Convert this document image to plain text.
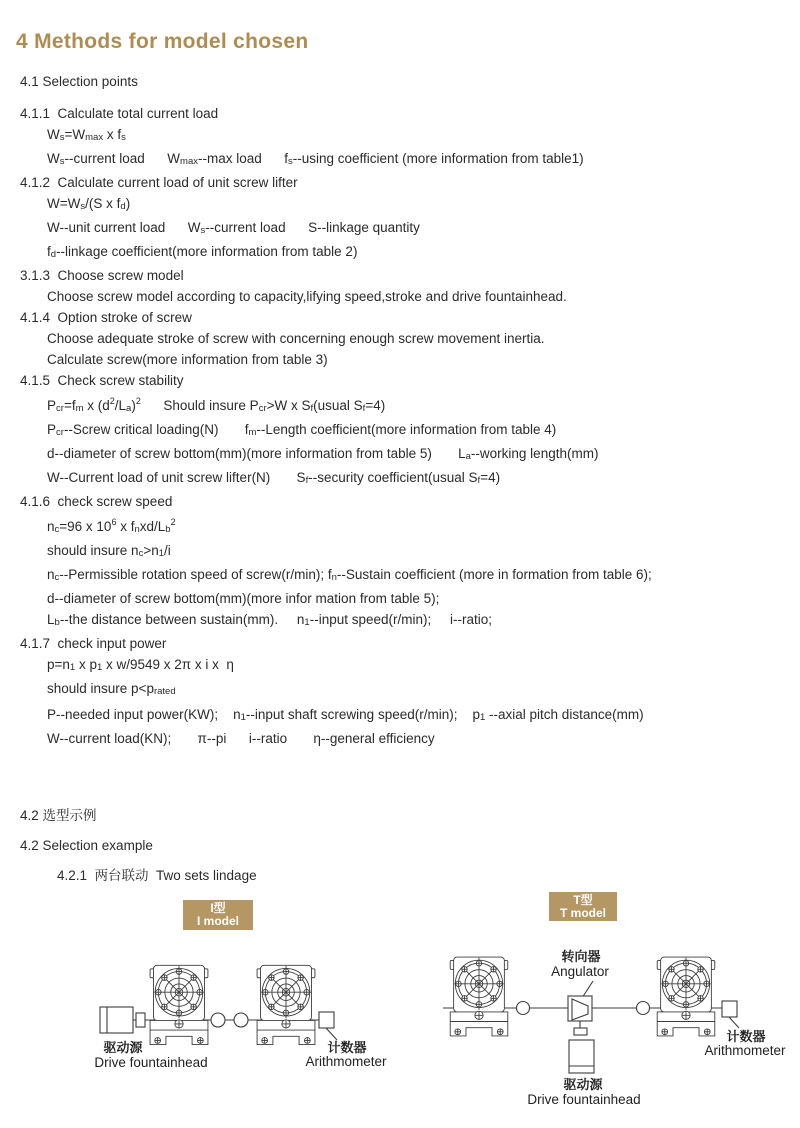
4 Methods for model chosen
4.1 Selection points
4.1.1  Calculate total current load
Ws=Wmax x fs
Ws--current load      Wmax--max load      fs--using coefficient (more information from table1)
4.1.2  Calculate current load of unit screw lifter
W=Ws/(S x fd)
W--unit current load      Ws--current load      S--linkage quantity
fd--linkage coefficient(more information from table 2)
3.1.3  Choose screw model
Choose screw model according to capacity,lifying speed,stroke and drive fountainhead.
4.1.4  Option stroke of screw
Choose adequate stroke of screw with concerning enough screw movement inertia.
Calculate screw(more information from table 3)
4.1.5  Check screw stability
Pcr=fm x $(d^2/La)^2$      Should insure Pcr>W x Sf(usual Sf=4)
Pcr--Screw critical loading(N)       fm--Length coefficient(more information from table 4)
d--diameter of screw bottom(mm)(more information from table 5)       La--working length(mm)
W--Current load of unit screw lifter(N)       Sf--security coefficient(usual Sf=4)
4.1.6  check screw speed
nc=96 x $10^6$ x fnxd/Lb$^2$
should insure nc>n1/i
nc--Permissible rotation speed of screw(r/min); fn--Sustain coefficient (more in formation from table 6);
d--diameter of screw bottom(mm)(more infor mation from table 5);
Lb--the distance between sustain(mm).     n1--input speed(r/min);     i--ratio;
4.1.7  check input power
p=n1 x p1 x w/9549 x 2π x i x  η
should insure p<prated
P--needed input power(KW);    n1--input shaft screwing speed(r/min);    p1 --axial pitch distance(mm)
W--current load(KN);       π--pi      i--ratio       η--general efficiency
4.2 选型示例
4.2 Selection example
4.2.1  两台联动  Two sets lindage
I型
I model
驱动源
Drive fountainhead
计数器
Arithmometer
T型
T model
转向器
Angulator
计数器
Arithmometer
驱动源
Drive fountainhead
